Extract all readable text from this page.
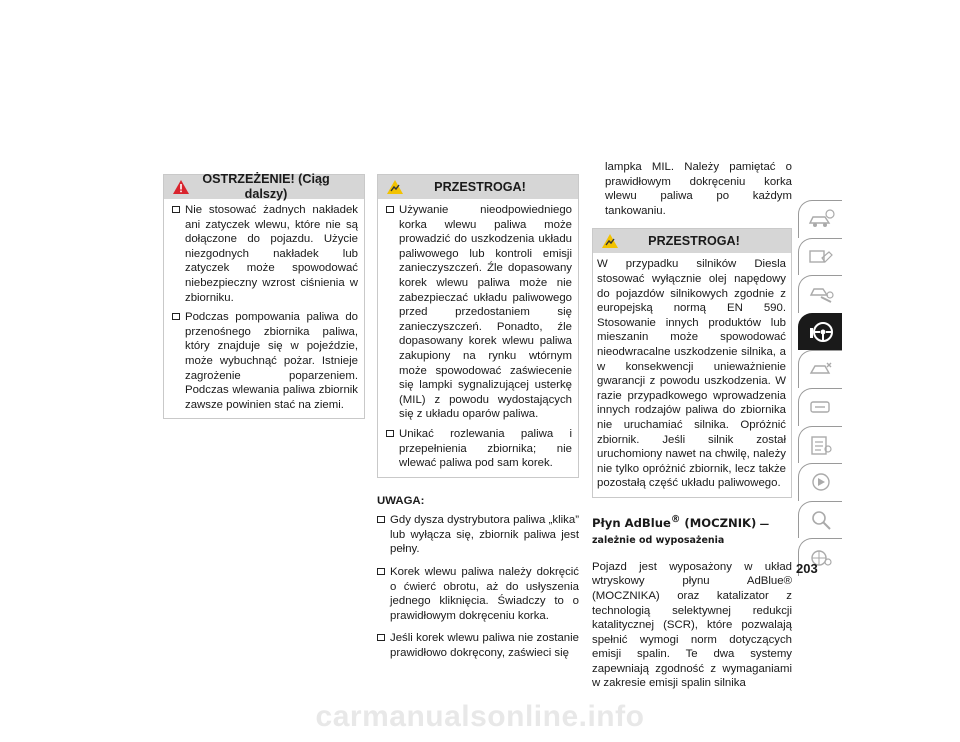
OSTRZEŻENIE! (Ciąg dalszy)
Nie stosować żadnych nakładek ani zatyczek wlewu, które nie są dołączone do pojazdu. Użycie niezgodnych nakładek lub zatyczek może spowodować niebezpieczny wzrost ciśnienia w zbiorniku.
Podczas pompowania paliwa do przenośnego zbiornika paliwa, który znajduje się w pojeździe, może wybuchnąć pożar. Istnieje zagrożenie poparzeniem. Podczas wlewania paliwa zbiornik zawsze powinien stać na ziemi.
PRZESTROGA!
Używanie nieodpowiedniego korka wlewu paliwa może prowadzić do uszkodzenia układu paliwowego lub kontroli emisji zanieczyszczeń. Źle dopasowany korek wlewu paliwa może nie zabezpieczać układu paliwowego przed przedostaniem się zanieczyszczeń. Ponadto, źle dopasowany korek wlewu paliwa zakupiony na rynku wtórnym może spowodować zaświecenie się lampki sygnalizującej usterkę (MIL) z powodu wydostających się z układu oparów paliwa.
Unikać rozlewania paliwa i przepełnienia zbiornika; nie wlewać paliwa pod sam korek.
UWAGA:
Gdy dysza dystrybutora paliwa „klika” lub wyłącza się, zbiornik paliwa jest pełny.
Korek wlewu paliwa należy dokręcić o ćwierć obrotu, aż do usłyszenia jednego kliknięcia. Świadczy to o prawidłowym dokręceniu korka.
Jeśli korek wlewu paliwa nie zostanie prawidłowo dokręcony, zaświeci się

lampka MIL. Należy pamiętać o prawidłowym dokręceniu korka wlewu paliwa po każdym tankowaniu.

PRZESTROGA!

W przypadku silników Diesla stosować wyłącznie olej napędowy do pojazdów silnikowych zgodnie z europejską normą EN 590. Stosowanie innych produktów lub mieszanin może spowodować nieodwracalne uszkodzenie silnika, a w konsekwencji unieważnienie gwarancji z powodu uszkodzenia. W razie przypadkowego wprowadzenia innych rodzajów paliwa do zbiornika nie uruchamiać silnika. Opróżnić zbiornik. Jeśli silnik został uruchomiony nawet na chwilę, należy nie tylko opróżnić zbiornik, lecz także pozostałą część układu paliwowego.

Płyn AdBlue® (MOCZNIK) — zależnie od wyposażenia

Pojazd jest wyposażony w układ wtryskowy płynu AdBlue® (MOCZNIKA) oraz katalizator z technologią selektywnej redukcji katalitycznej (SCR), które pozwalają spełnić wymogi norm dotyczących emisji spalin. Te dwa systemy zapewniają zgodność z wymaganiami w zakresie emisji spalin silnika

203
carmanualsonline.info
